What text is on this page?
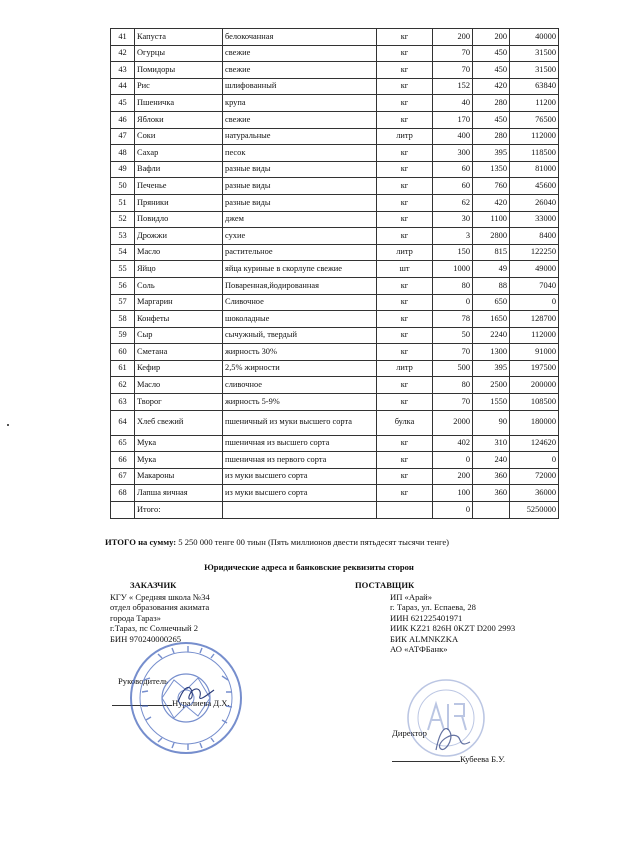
41	Капуста	белокочанная	кг	200	200	40000
42	Огурцы	свежие	кг	70	450	31500
43	Помидоры	свежие	кг	70	450	31500
44	Рис	шлифованный	кг	152	420	63840
45	Пшеничка	крупа	кг	40	280	11200
46	Яблоки	свежие	кг	170	450	76500
47	Соки	натуральные	литр	400	280	112000
48	Сахар	песок	кг	300	395	118500
49	Вафли	разные виды	кг	60	1350	81000
50	Печенье	разные виды	кг	60	760	45600
51	Пряники	разные виды	кг	62	420	26040
52	Повидло	джем	кг	30	1100	33000
53	Дрожжи	сухие	кг	3	2800	8400
54	Масло	растительное	литр	150	815	122250
55	Яйцо	яйца куриные в скорлупе свежие	шт	1000	49	49000
56	Соль	Поваренная,йодированная	кг	80	88	7040
57	Маргарин	Сливочное	кг	0	650	0
58	Конфеты	шоколадные	кг	78	1650	128700
59	Сыр	сычужный, твердый	кг	50	2240	112000
60	Сметана	жирность 30%	кг	70	1300	91000
61	Кефир	2,5% жирности	литр	500	395	197500
62	Масло	сливочное	кг	80	2500	200000
63	Творог	жирность 5-9%	кг	70	1550	108500
64	Хлеб свежий	пшеничный из муки высшего сорта	булка	2000	90	180000
65	Мука	пшеничная из высшего сорта	кг	402	310	124620
66	Мука	пшеничная из первого сорта	кг	0	240	0
67	Макароны	из муки высшего сорта	кг	200	360	72000
68	Лапша яичная	из муки высшего сорта	кг	100	360	36000
	Итого:			0		5250000
ИТОГО на сумму: 5 250 000 тенге 00 тиын (Пять миллионов двести пятьдесят тысячи тенге)
Юридические адреса и банковские реквизиты сторон
ЗАКАЗЧИК
КГУ « Средняя школа №34
отдел образования акимата
города Тараз»
г.Тараз, пс Солнечный 2
БИН 970240000265
Руководитель
Нуралиева Д.Х.
ПОСТАВЩИК
ИП «Арай»
г. Тараз, ул. Еспаева, 28
ИИН 621225401971
ИИК KZ21 826H 0KZT D200 2993
БИК ALMNKZKA
АО «АТФБанк»
Директор
Кубеева Б.У.
